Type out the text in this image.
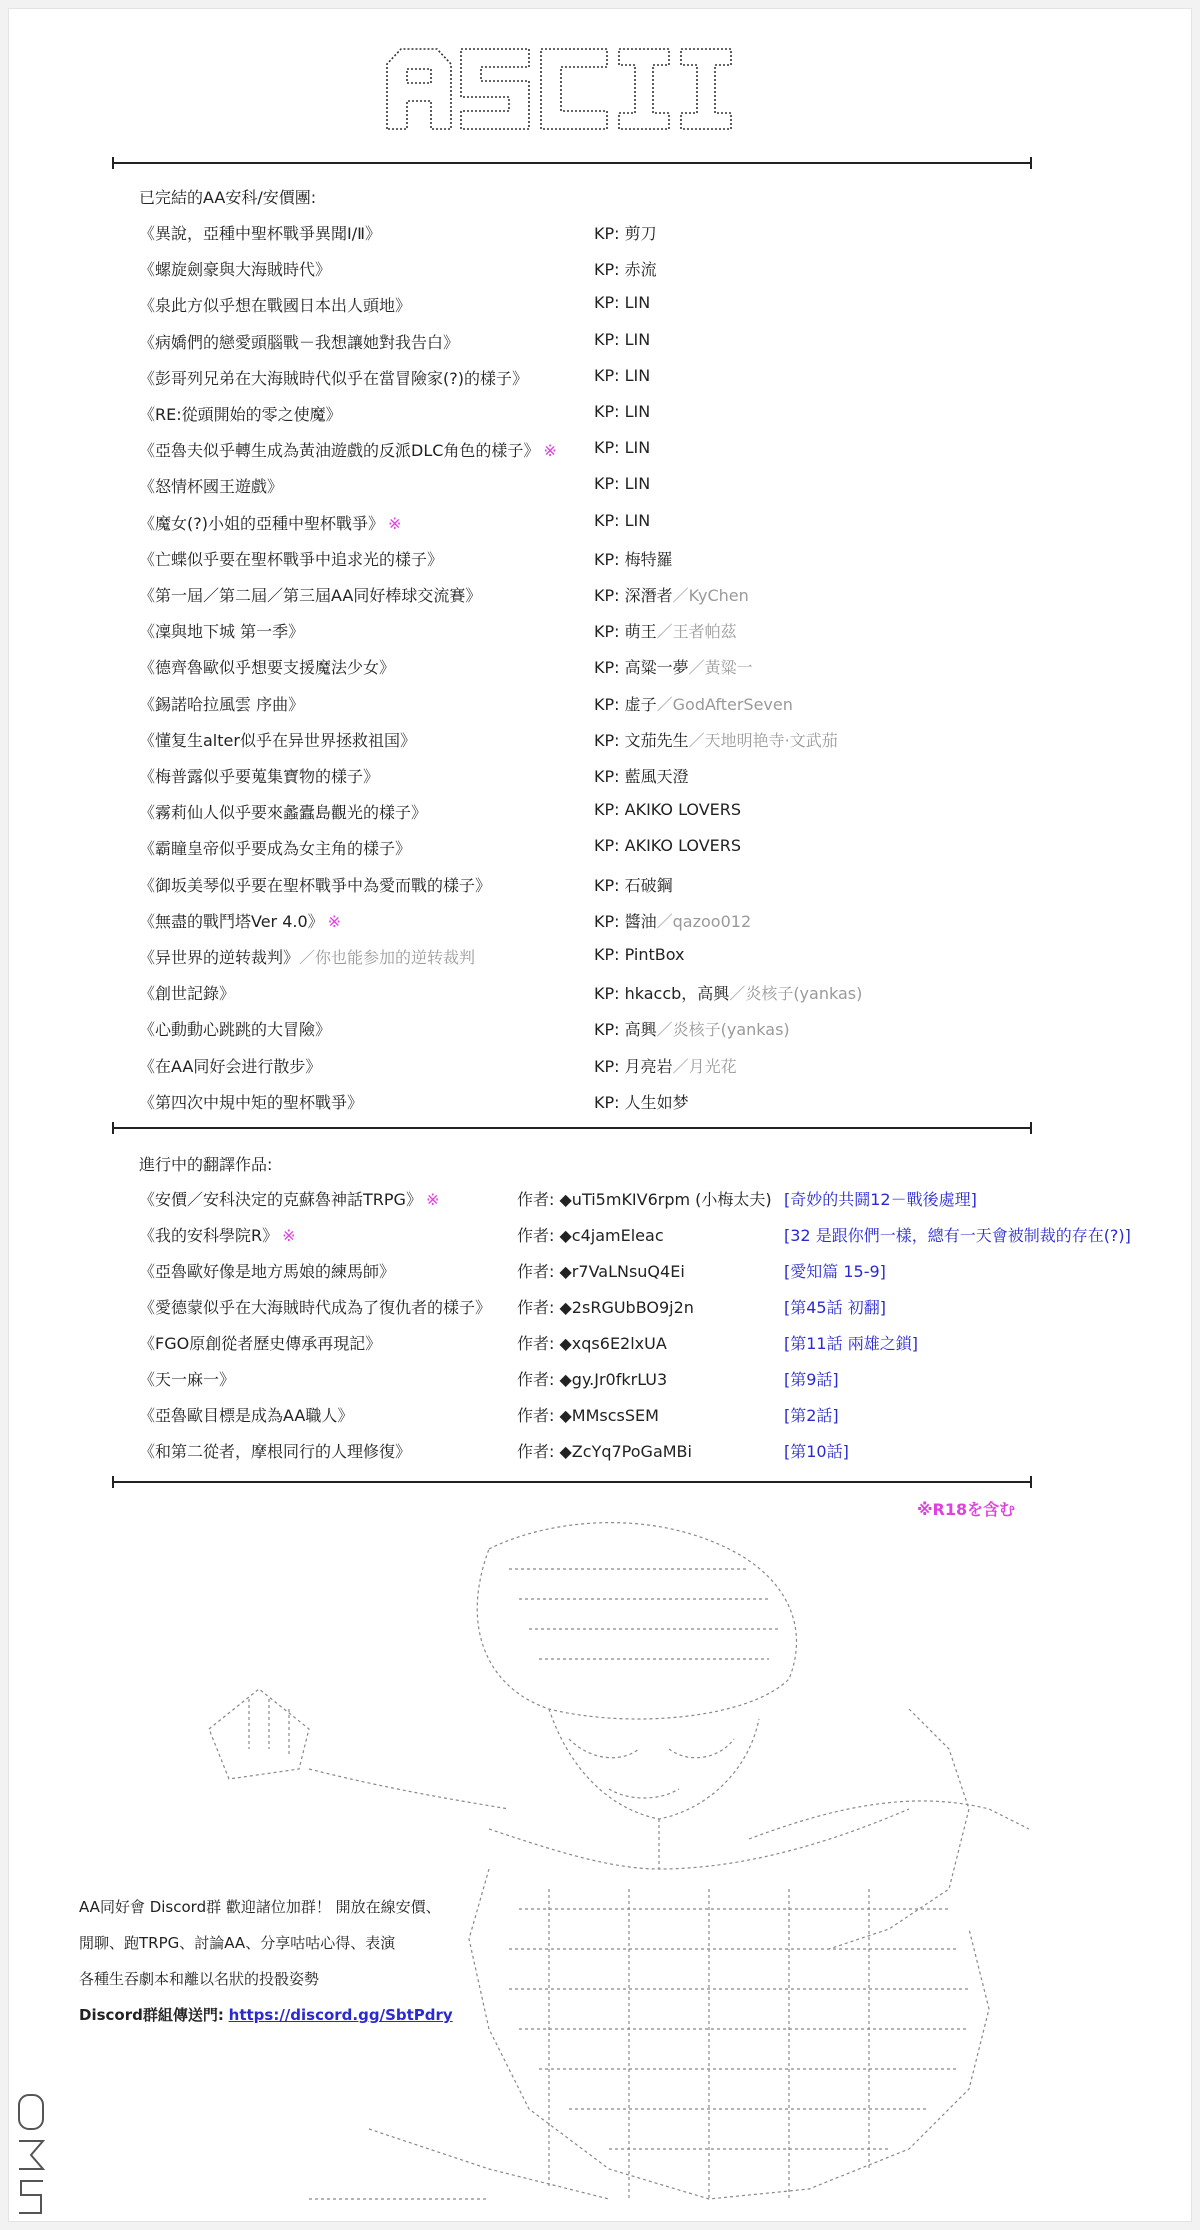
已完結的AA安科/安價團:
《異說，亞種中聖杯戰爭異聞Ⅰ/Ⅱ》	KP: 剪刀
《螺旋劍豪與大海賊時代》	KP: 赤流
《泉此方似乎想在戰國日本出人頭地》	KP: LIN
《病嬌們的戀愛頭腦戰－我想讓她對我告白》	KP: LIN
《彭哥列兄弟在大海賊時代似乎在當冒險家(?)的樣子》	KP: LIN
《RE:從頭開始的零之使魔》	KP: LIN
《亞魯夫似乎轉生成為黃油遊戲的反派DLC角色的樣子》 ※ KP: LIN
《怒情杯國王遊戲》	KP: LIN
《魔女(?)小姐的亞種中聖杯戰爭》 ※	KP: LIN
《亡蝶似乎要在聖杯戰爭中追求光的樣子》	KP: 梅特羅
《第一屆／第二屆／第三屆AA同好棒球交流賽》	KP: 深潛者／KyChen
《凜與地下城 第一季》	KP: 萌王／王者帕茲
《德齊魯歐似乎想要支援魔法少女》	KP: 高粱一夢／黃粱一
《錫諾哈拉風雲 序曲》	KP: 虚子／GodAfterSeven
《懂复生alter似乎在异世界拯救祖国》	KP: 文茄先生／天地明艳寺·文武茄
《梅普露似乎要蒐集寶物的樣子》	KP: 藍風天澄
《霧莉仙人似乎要來蠡蠹島觀光的樣子》	KP: AKIKO LOVERS
《霸瞳皇帝似乎要成為女主角的樣子》	KP: AKIKO LOVERS
《御坂美琴似乎要在聖杯戰爭中為愛而戰的樣子》	KP: 石破鋼
《無盡的戰鬥塔Ver 4.0》 ※	KP: 醬油／qazoo012
《异世界的逆转裁判》／你也能参加的逆转裁判	KP: PintBox
《創世記錄》	KP: hkaccb，高興／炎核子(yankas)
《心動動心跳跳的大冒險》	KP: 高興／炎核子(yankas)
《在AA同好会进行散步》	KP: 月亮岩／月光花
《第四次中規中矩的聖杯戰爭》	KP: 人生如梦
進行中的翻譯作品:
《安價／安科決定的克蘇魯神話TRPG》 ※	作者: ◆uTi5mKIV6rpm (小梅太夫) [奇妙的共鬪12－戰後處理]
《我的安科學院R》 ※	作者: ◆c4jamEleac	[32 是跟你們一樣，總有一天會被制裁的存在(?)]
《亞魯歐好像是地方馬娘的練馬師》	作者: ◆r7VaLNsuQ4Ei	[愛知篇 15-9]
《愛德蒙似乎在大海賊時代成為了復仇者的樣子》 作者: ◆2sRGUbBO9j2n	[第45話 初翻]
《FGO原創從者歷史傳承再現記》	作者: ◆xqs6E2lxUA	[第11話 兩雄之鎖]
《天一麻一》	作者: ◆gy.Jr0fkrLU3	[第9話]
《亞魯歐目標是成為AA職人》	作者: ◆MMscsSEM	[第2話]
《和第二從者，摩根同行的人理修復》	作者: ◆ZcYq7PoGaMBi	[第10話]
※R18を含む
AA同好會 Discord群 歡迎諸位加群！ 開放在線安價、
閒聊、跑TRPG、討論AA、分享咕咕心得、表演
各種生吞劇本和離以名狀的投骰姿勢
Discord群組傳送門: https://discord.gg/SbtPdry
